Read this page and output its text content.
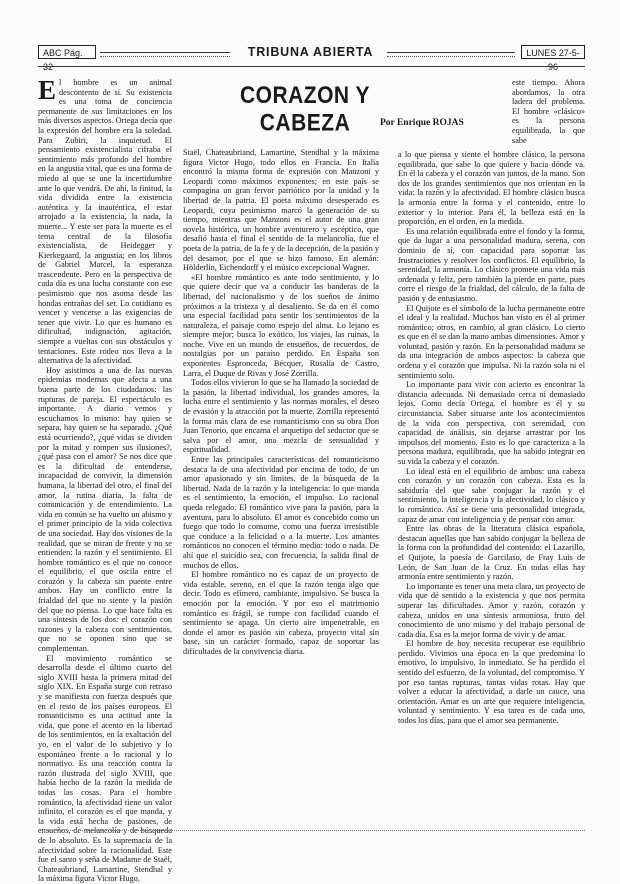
ABC Pág. 32
TRIBUNA ABIERTA	LUNES 27-5-96
CORAZON Y CABEZA	Por Enrique ROJAS
E l hombre es un animal descontento de sí. Su existencia es una toma de conciencia permanente de sus limitaciones en los más diversos aspectos. Ortega decía que la expresión del hombre era la soledad. Para Zubiri, la inquietud. El pensamiento existencialista cifraba el sentimiento más profundo del hombre en la angustia vital, que es una forma de miedo al que se une la incertidumbre ante lo que vendrá. De ahí, la finitud, la vida dividida entre la existencia auténtica y la inauténtica, el estar arrojado a la existencia, la nada, la muerte... Y este ser para la muerte es el tema central de la filosofía existencialista, de Heidegger y Kierkegaard, la angustia; en los libros de Gabriel Marcel, la esperanza trascendente. Pero en la perspectiva de cada día es una lucha constante con ese pesimismo que nos asoma desde las hondas entrañas del ser. Lo cotidiano es vencer y vencerse a las exigencias de tener que vivir. Lo que es humano es dificultad, indignación, agitación, siempre a vueltas con sus obstáculos y tentaciones. Este rodeo nos lleva a la alternativa de la afectividad.

Hoy asistimos a una de las nuevas epidemias modernas que afecta a una buena parte de los ciudadanos: las rupturas de pareja. El espectáculo es importante. A diario vemos y escuchamos lo mismo: hay quien se separa, hay quien se ha separado. ¿Qué está ocurriendo?, ¿qué vidas se dividen por la mitad y rompen sus ilusiones?, ¿qué pasa con el amor? Se nos dice que es la dificultad de entenderse, incapacidad de convivir, la dimensión humana, la libertad del otro, el final del amor, la rutina diaria, la falta de comunicación y de entendimiento. La vida en común se ha vuelto un abismo y el primer principio de la vida colectiva de una sociedad. Hay dos visiones de la realidad, que se miran de frente y no se entienden: la razón y el sentimiento. El hombre romántico es el que no conoce el equilibrio, el que oscila entre el corazón y la cabeza sin puente entre ambos. Hay un conflicto entre la frialdad del que no siente y la pasión del que no piensa. Lo que hace falta es una síntesis de los dos: el corazón con razones y la cabeza con sentimientos, que no se oponen sino que se complementan.

El movimiento romántico se desarrolla desde el último cuarto del siglo XVIII hasta la primera mitad del siglo XIX. En España surge con retraso y se manifiesta con fuerza después que en el resto de los países europeos. El romanticismo es una actitud ante la vida, que pone el acento en la libertad de los sentimientos, en la exaltación del yo, en el valor de lo subjetivo y lo espontáneo frente a lo racional y lo normativo. Es una reacción contra la razón ilustrada del siglo XVIII, que había hecho de la razón la medida de todas las cosas. Para el hombre romántico, la afectividad tiene un valor infinito, el corazón es el que manda, y la vida está hecha de pasiones, de ensueños, de melancolía y de búsqueda de lo absoluto. Es la supremacía de la afectividad sobre la racionalidad. Este fue el santo y seña de Madame de Staël, Chateaubriand, Lamartine, Stendhal y la máxima figura Victor Hugo.

Staël, Chateaubriand, Lamartine, Stendhal y la máxima figura Victor Hugo, todo ellos en Francia. En Italia encontró la misma forma de expresión con Manzoni y Leopardi como máximos exponentes; en este país se compagina un gran fervor patriótico por la unidad y la libertad de la patria. El poeta máximo desesperado es Leopardi, cuya pesimismo marcó la generación de su tiempo, mientras que Manzoni es el autor de una gran novela histórica, un hombre aventurero y escéptico, que desafió hasta el final el sentido de la melancolía, fue el poeta de la patria, de la fe y de la decepción, de la pasión y del desamor, por el que se hizo famoso. En alemán: Hölderlin, Eichendorff y el músico excepcional Wagner.

«El hombre romántico es ante todo sentimiento, y lo que quiere decir que va a conducir las banderas de la libertad, del nacionalismo y de los sueños de ánimo próximos a la tristeza y al desaliento. Se da en él como una especial facilidad para sentir los sentimientos de la naturaleza, el paisaje como espejo del alma. Lo lejano es siempre mejor; busca lo exótico, los viajes, las ruinas, la noche. Vive en un mundo de ensueños, de recuerdos, de nostalgias por un paraíso perdido. En España son exponentes Espronceda, Bécquer, Rosalía de Castro, Larra, el Duque de Rivas y José Zorrilla.

Todos ellos vivieron lo que se ha llamado la sociedad de la pasión, la libertad individual, los grandes amores, la lucha entre el sentimiento y las normas morales, el deseo de evasión y la atracción por la muerte. Zorrilla representó la forma más clara de ese romanticismo con su obra Don Juan Tenorio, que encarna el arquetipo del seductor que se salva por el amor, una mezcla de sensualidad y espiritualidad.

Entre las principales características del romanticismo destaca la de una afectividad por encima de todo, de un amor apasionado y sin límites, de la búsqueda de la libertad. Nada de la razón y la inteligencia: lo que manda es el sentimiento, la emoción, el impulso. Lo racional queda relegado. El romántico vive para la pasión, para la aventura, para lo absoluto. El amor es concebido como un fuego que todo lo consume, como una fuerza irresistible que conduce a la felicidad o a la muerte. Los amantes románticos no conocen el término medio: todo o nada. De ahí que el suicidio sea, con frecuencia, la salida final de muchos de ellos.

El hombre romántico no es capaz de un proyecto de vida estable, sereno, en el que la razón tenga algo que decir. Todo es efímero, cambiante, impulsivo. Se busca la emoción por la emoción. Y por eso el matrimonio romántico es frágil, se rompe con facilidad cuando el sentimiento se apaga. Un cierto aire impenetrable, en donde el amor es pasión sin cabeza, proyecto vital sin base, sin un carácter formado, capaz de soportar las dificultades de la convivencia diaria.

este tiempo. Ahora abordamos, la otra ladera del problema. El hombre «clásico» es la persona equilibrada, la que sabe

a lo que piensa y siente el hombre clásico, la persona equilibrada, que sabe lo que quiere y hacia dónde va. En él la cabeza y el corazón van juntos, de la mano. Son dos de los grandes sentimientos que nos orientan en la vida: la razón y la afectividad. El hombre clásico busca la armonía entre la forma y el contenido, entre lo exterior y lo interior. Para él, la belleza está en la proporción, en el orden, en la medida.

Es una relación equilibrada entre el fondo y la forma, que da lugar a una personalidad madura, serena, con dominio de sí, con capacidad para soportar las frustraciones y resolver los conflictos. El equilibrio, la serenidad, la armonía. Lo clásico promete una vida más ordenada y feliz, pero también la pierde en parte, pues corre el riesgo de la frialdad, del cálculo, de la falta de pasión y de entusiasmo.

El Quijote es el símbolo de la lucha permanente entre el ideal y la realidad. Muchos han visto en él al primer romántico; otros, en cambio, al gran clásico. Lo cierto es que en él se dan la mano ambas dimensiones. Amor y voluntad, pasión y razón. En la personalidad madura se da una integración de ambos aspectos: la cabeza que ordena y el corazón que impulsa. Ni la razón sola ni el sentimiento solo.

Lo importante para vivir con acierto es encontrar la distancia adecuada. Ni demasiado cerca ni demasiado lejos. Como decía Ortega, el hombre es él y su circunstancia. Saber situarse ante los acontecimientos de la vida con perspectiva, con serenidad, con capacidad de análisis, sin dejarse arrastrar por los impulsos del momento. Esto es lo que caracteriza a la persona madura, equilibrada, que ha sabido integrar en su vida la cabeza y el corazón.

Lo ideal está en el equilibrio de ambos: una cabeza con corazón y un corazón con cabeza. Esta es la sabiduría del que sabe conjugar la razón y el sentimiento, la inteligencia y la afectividad, lo clásico y lo romántico. Así se tiene una personalidad integrada, capaz de amar con inteligencia y de pensar con amor.

Entre las obras de la literatura clásica española, destacan aquellas que han sabido conjugar la belleza de la forma con la profundidad del contenido: el Lazarillo, el Quijote, la poesía de Garcilaso, de Fray Luis de León, de San Juan de la Cruz. En todas ellas hay armonía entre sentimiento y razón.

Lo importante es tener una meta clara, un proyecto de vida que dé sentido a la existencia y que nos permita superar las dificultades. Amor y razón, corazón y cabeza, unidos en una síntesis armoniosa, fruto del conocimiento de uno mismo y del trabajo personal de cada día. Esa es la mejor forma de vivir y de amar.

El hombre de hoy necesita recuperar ese equilibrio perdido. Vivimos una época en la que predomina lo emotivo, lo impulsivo, lo inmediato. Se ha perdido el sentido del esfuerzo, de la voluntad, del compromiso. Y por eso tantas rupturas, tantas vidas rotas. Hay que volver a educar la afectividad, a darle un cauce, una orientación. Amar es un arte que requiere inteligencia, voluntad y sentimiento. Y esa tarea es de cada uno, todos los días, para que el amor sea permanente.
